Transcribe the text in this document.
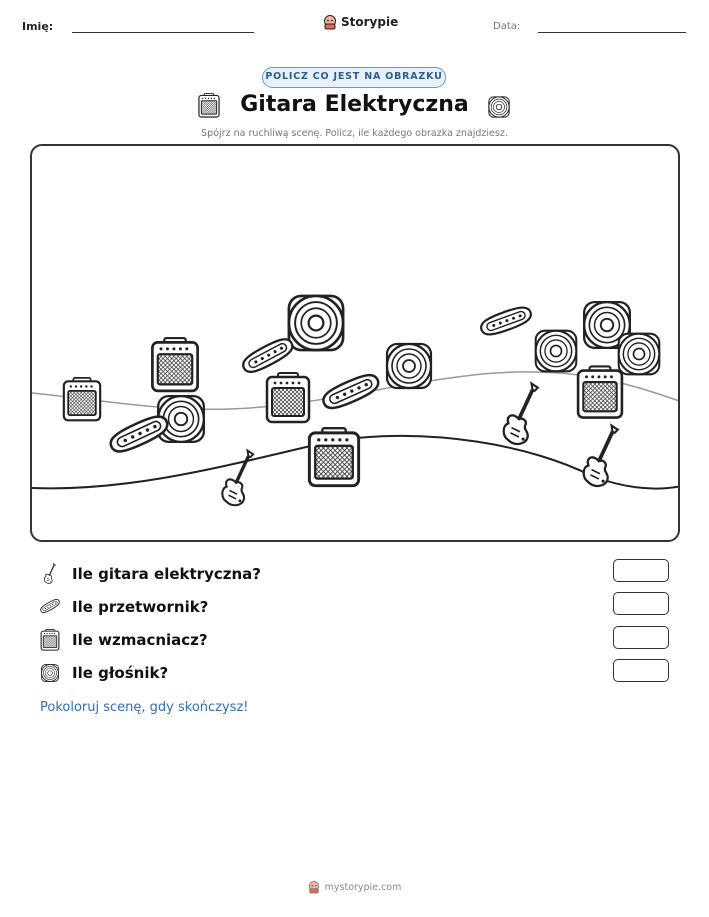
Imię:	Storypie	Data:
POLICZ CO JEST NA OBRAZKU
Gitara Elektryczna
Spójrz na ruchliwą scenę. Policz, ile każdego obrazka znajdziesz.
Ile gitara elektryczna?
Ile przetwornik?
Ile wzmacniacz?
Ile głośnik?
Pokoloruj scenę, gdy skończysz!
mystorypie.com
